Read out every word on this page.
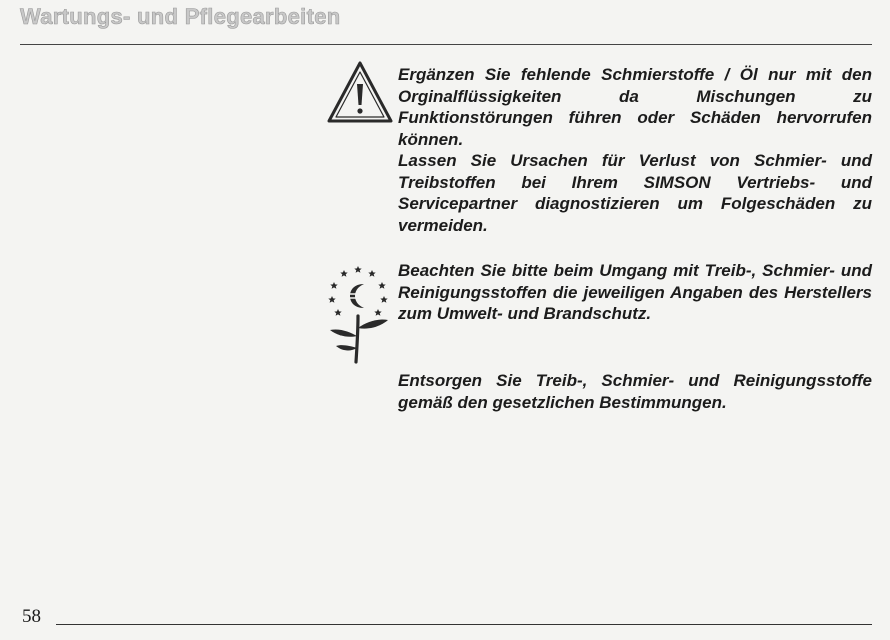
Wartungs- und Pflegearbeiten

Ergänzen Sie fehlende Schmierstoffe / Öl nur mit den Orginalflüssigkeiten da Mischungen zu Funktionstörungen führen oder Schäden hervorrufen können.

Lassen Sie Ursachen für Verlust von Schmier- und Treibstoffen bei Ihrem SIMSON Vertriebs- und Servicepartner diagnostizieren um Folgeschäden zu vermeiden.

Beachten Sie bitte beim Umgang mit Treib-, Schmier- und Reinigungsstoffen die jeweiligen Angaben des Herstellers zum Umwelt- und Brandschutz.

Entsorgen Sie Treib-, Schmier- und Reinigungsstoffe gemäß den gesetzlichen Bestimmungen.

58
